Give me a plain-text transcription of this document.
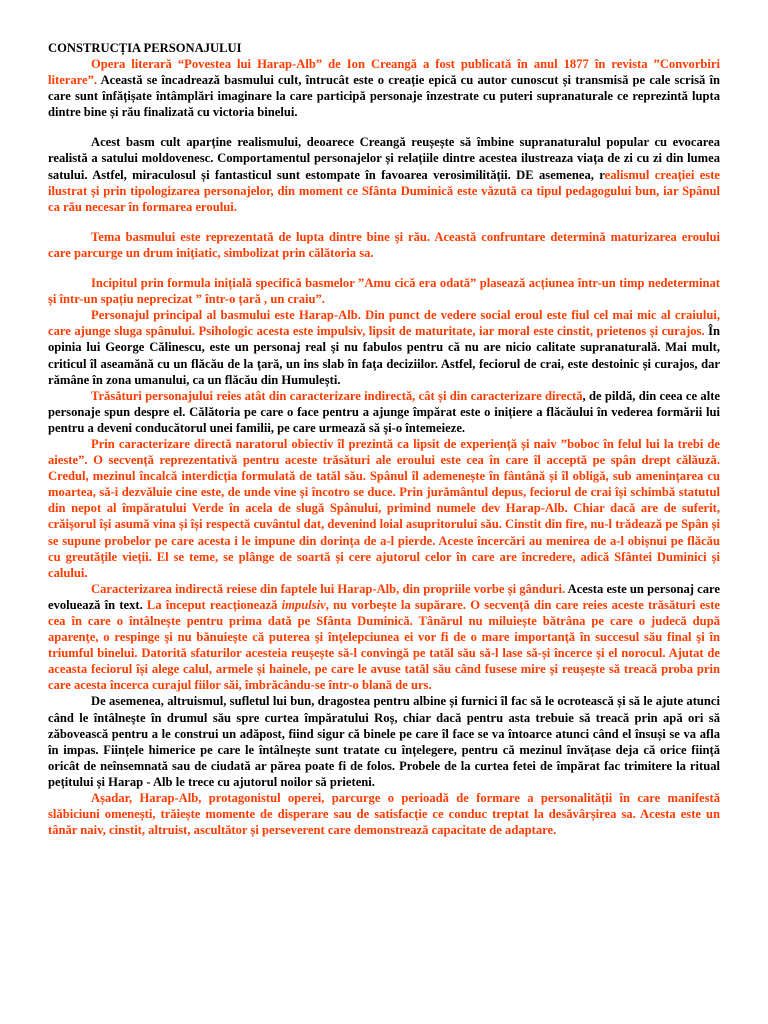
CONSTRUCȚIA PERSONAJULUI

Opera literară “Povestea lui Harap-Alb” de Ion Creangă a fost publicată în anul 1877 în revista ”Convorbiri literare”. Această se încadrează basmului cult, întrucât este o creație epică cu autor cunoscut și transmisă pe cale scrisă în care sunt înfățișate întâmplări imaginare la care participă personaje înzestrate cu puteri supranaturale ce reprezintă lupta dintre bine și rău finalizată cu victoria binelui.

Acest basm cult aparține realismului, deoarece Creangă reușește să îmbine supranaturalul popular cu evocarea realistă a satului moldovenesc. Comportamentul personajelor și relațiile dintre acestea ilustreaza viața de zi cu zi din lumea satului. Astfel, miraculosul și fantasticul sunt estompate în favoarea verosimilității. DE asemenea, realismul creației este ilustrat și prin tipologizarea personajelor, din moment ce Sfânta Duminică este văzută ca tipul pedagogului bun, iar Spânul ca rău necesar în formarea eroului.

Tema basmului este reprezentată de lupta dintre bine şi rău. Această confruntare determină maturizarea eroului care parcurge un drum iniţiatic, simbolizat prin călătoria sa.

Incipitul prin formula inițială specifică basmelor ”Amu cică era odată” plasează acțiunea într-un timp nedeterminat și într-un spațiu neprecizat ” într-o țară , un craiu”.

Personajul principal al basmului este Harap-Alb. Din punct de vedere social eroul este fiul cel mai mic al craiului, care ajunge sluga spânului. Psihologic acesta este impulsiv, lipsit de maturitate, iar moral este cinstit, prietenos și curajos. În opinia lui George Călinescu, este un personaj real şi nu fabulos pentru că nu are nicio calitate supranaturală. Mai mult, criticul îl aseamănă cu un flăcău de la ţară, un ins slab în faţa deciziilor. Astfel, feciorul de crai, este destoinic și curajos, dar rămâne în zona umanului, ca un flăcău din Humulești.

Trăsături personajului reies atât din caracterizare indirectă, cât și din caracterizare directă, de pildă, din ceea ce alte personaje spun despre el. Călătoria pe care o face pentru a ajunge împărat este o inițiere a flăcăului în vederea formării lui pentru a deveni conducătorul unei familii, pe care urmează să şi-o întemeieze.

Prin caracterizare directă naratorul obiectiv îl prezintă ca lipsit de experiență și naiv ”boboc în felul lui la trebi de aieste”. O secvență reprezentativă pentru aceste trăsături ale eroului este cea în care îl acceptă pe spân drept călăuză. Credul, mezinul încalcă interdicția formulată de tatăl său. Spânul îl ademenește în fântână și îl obligă, sub amenințarea cu moartea, să-i dezvăluie cine este, de unde vine și încotro se duce. Prin jurământul depus, feciorul de crai își schimbă statutul din nepot al împăratului Verde în acela de slugă Spânului, primind numele dev Harap-Alb. Chiar dacă are de suferit, crăişorul își asumă vina și își respectă cuvântul dat, devenind loial asupritorului său. Cinstit din fire, nu-l trădează pe Spân și se supune probelor pe care acesta i le impune din dorința de a-l pierde. Aceste încercări au menirea de a-l obișnui pe flăcău cu greutățile vieții. El se teme, se plânge de soartă și cere ajutorul celor în care are încredere, adică Sfântei Duminici și calului.

Caracterizarea indirectă reiese din faptele lui Harap-Alb, din propriile vorbe și gânduri. Acesta este un personaj care evoluează în text. La început reacționează impulsiv, nu vorbește la supărare. O secvență din care reies aceste trăsături este cea în care o întâlnește pentru prima dată pe Sfânta Duminică. Tânărul nu miluiește bătrâna pe care o judecă după aparenţe, o respinge şi nu bănuieşte că puterea şi înţelepciunea ei vor fi de o mare importanţă în succesul său final şi în triumful binelui. Datorită sfaturilor acesteia reușește să-l convingă pe tatăl său să-l lase să-și încerce și el norocul. Ajutat de aceasta feciorul își alege calul, armele și hainele, pe care le avuse tatăl său când fusese mire și reușește să treacă proba prin care acesta încerca curajul fiilor săi, îmbrăcându-se într-o blană de urs.

De asemenea, altruismul, sufletul lui bun, dragostea pentru albine și furnici îl fac să le ocrotească și să le ajute atunci când le întâlneşte în drumul său spre curtea împăratului Roș, chiar dacă pentru asta trebuie să treacă prin apă ori să zăbovească pentru a le construi un adăpost, fiind sigur că binele pe care îl face se va întoarce atunci când el însuși se va afla în impas. Ființele himerice pe care le întâlnește sunt tratate cu înțelegere, pentru că mezinul învățase deja că orice ființă oricât de neînsemnată sau de ciudată ar părea poate fi de folos. Probele de la curtea fetei de împărat fac trimitere la ritual pețitului și Harap - Alb le trece cu ajutorul noilor să prieteni.

Așadar, Harap-Alb, protagonistul operei, parcurge o perioadă de formare a personalității în care manifestă slăbiciuni omenești, trăiește momente de disperare sau de satisfacție ce conduc treptat la desăvârșirea sa. Acesta este un tânăr naiv, cinstit, altruist, ascultător și perseverent care demonstrează capacitate de adaptare.
